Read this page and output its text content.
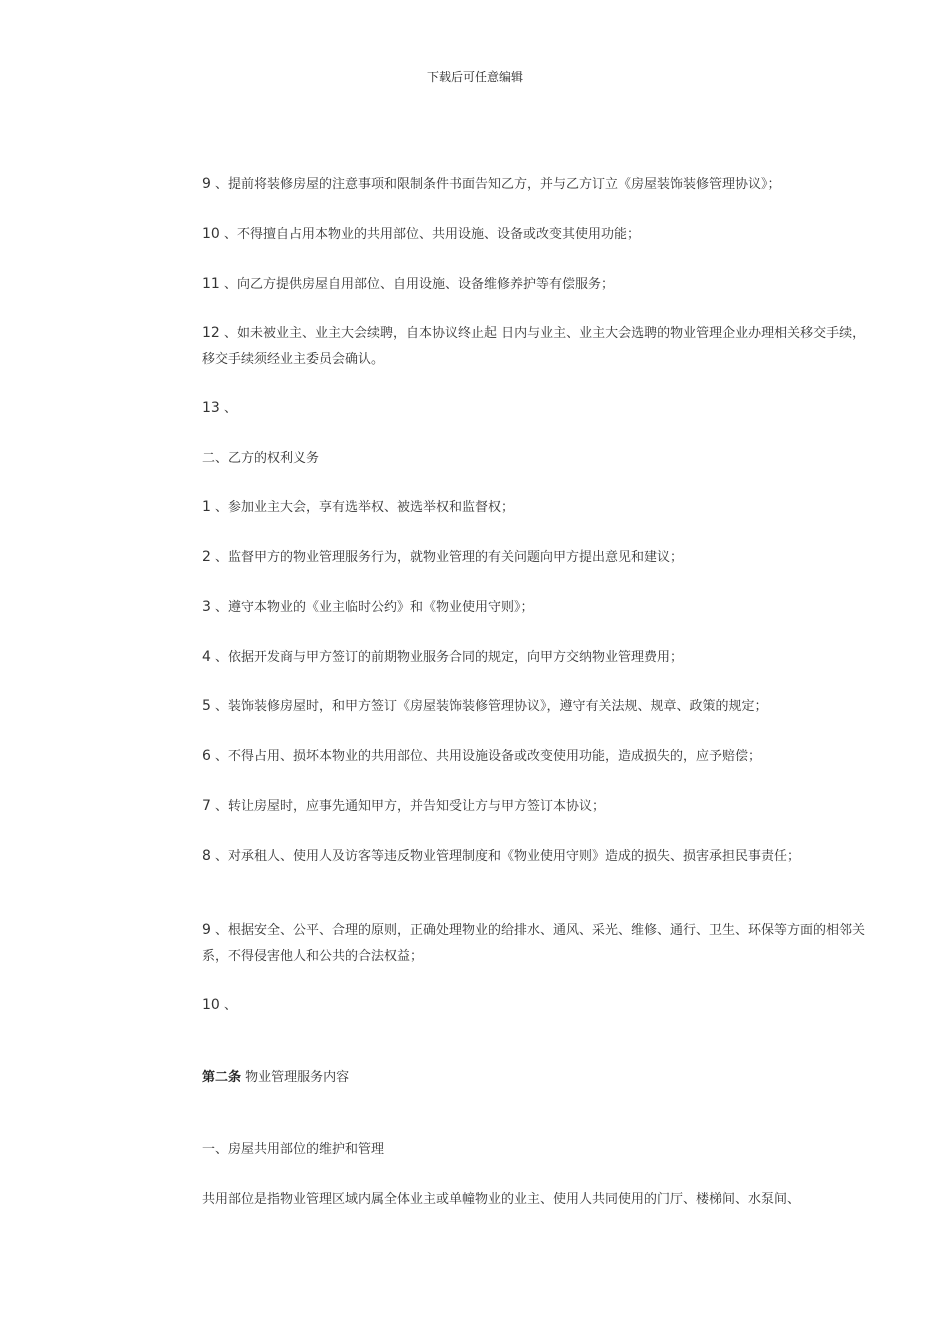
下载后可任意编辑
9 、提前将装修房屋的注意事项和限制条件书面告知乙方，并与乙方订立《房屋装饰装修管理协议》；
10 、不得擅自占用本物业的共用部位、共用设施、设备或改变其使用功能；
11 、向乙方提供房屋自用部位、自用设施、设备维修养护等有偿服务；
12 、如未被业主、业主大会续聘，自本协议终止起 日内与业主、业主大会选聘的物业管理企业办理相关移交手续，移交手续须经业主委员会确认。
13 、
二、乙方的权利义务
1 、参加业主大会，享有选举权、被选举权和监督权；
2 、监督甲方的物业管理服务行为，就物业管理的有关问题向甲方提出意见和建议；
3 、遵守本物业的《业主临时公约》和《物业使用守则》；
4 、依据开发商与甲方签订的前期物业服务合同的规定，向甲方交纳物业管理费用；
5 、装饰装修房屋时，和甲方签订《房屋装饰装修管理协议》，遵守有关法规、规章、政策的规定；
6 、不得占用、损坏本物业的共用部位、共用设施设备或改变使用功能，造成损失的，应予赔偿；
7 、转让房屋时，应事先通知甲方，并告知受让方与甲方签订本协议；
8 、对承租人、使用人及访客等违反物业管理制度和《物业使用守则》造成的损失、损害承担民事责任；
9 、根据安全、公平、合理的原则，正确处理物业的给排水、通风、采光、维修、通行、卫生、环保等方面的相邻关系，不得侵害他人和公共的合法权益；
10 、
第二条 物业管理服务内容
一、房屋共用部位的维护和管理
共用部位是指物业管理区域内属全体业主或单幢物业的业主、使用人共同使用的门厅、楼梯间、水泵间、
